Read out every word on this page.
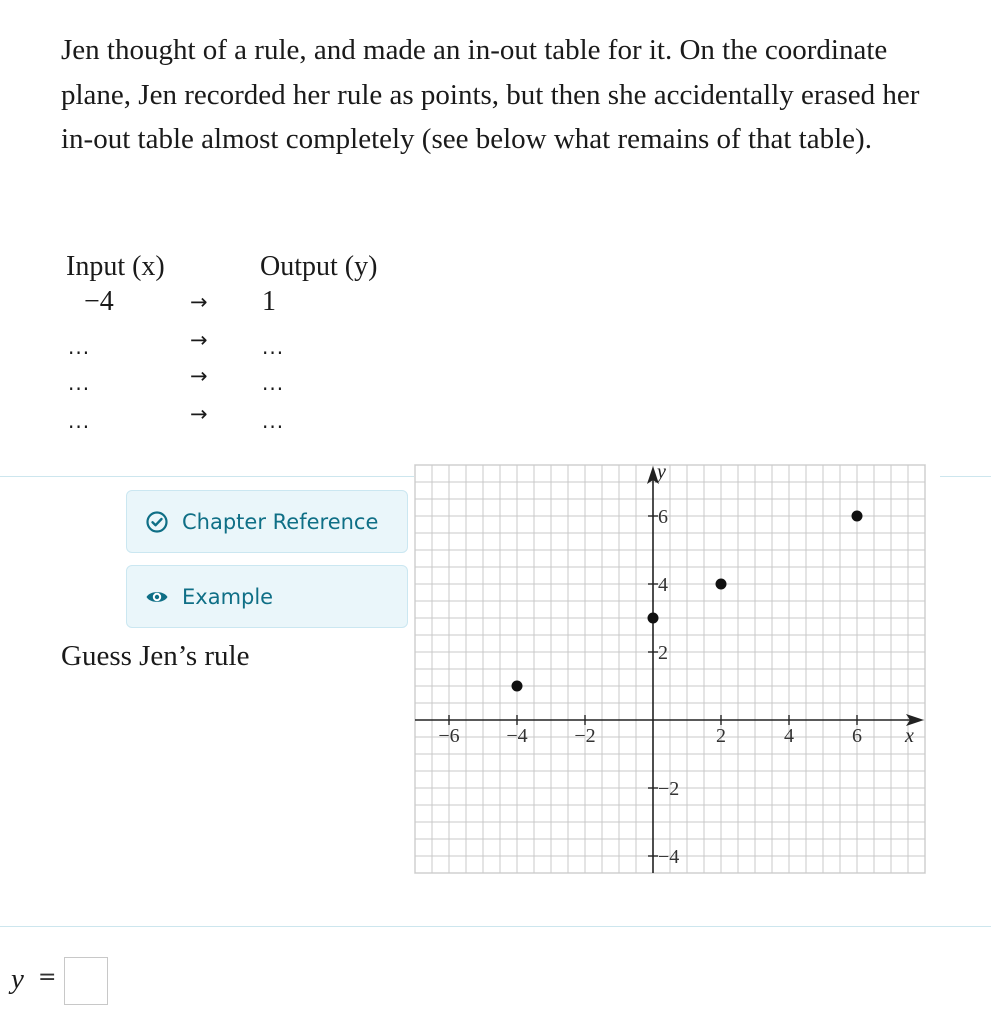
Jen thought of a rule, and made an in-out table for it. On the coordinate plane, Jen recorded her rule as points, but then she accidentally erased her in-out table almost completely (see below what remains of that table).

Input (x)	Output (y)
−4	→ 1
...	→	...
...	→	...
...	→	...
Chapter Reference
Example

Guess Jen’s rule

x
y
−6 −4 −2	2	4	6
6
4
2
−2
−4
y =
